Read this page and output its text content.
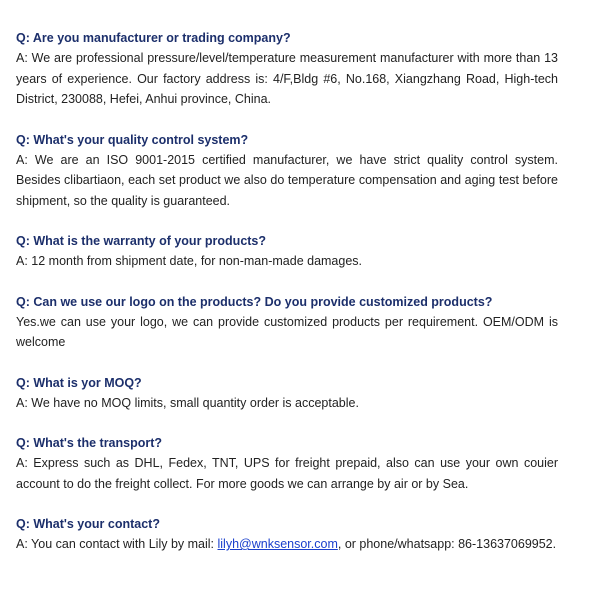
Q: Are you manufacturer or trading company?

A: We are professional pressure/level/temperature measurement manufacturer with more than 13 years of experience. Our factory address is: 4/F,Bldg #6, No.168, Xiangzhang Road, High-tech District, 230088, Hefei, Anhui province, China.

Q: What's your quality control system?

A: We are an ISO 9001-2015 certified manufacturer, we have strict quality control system. Besides clibartiaon, each set product we also do temperature compensation and aging test before shipment, so the quality is guaranteed.

Q: What is the warranty of your products?

A: 12 month from shipment date, for non-man-made damages.

Q: Can we use our logo on the products? Do you provide customized products?

Yes.we can use your logo, we can provide customized products per requirement. OEM/ODM is welcome

Q: What is yor MOQ?

A: We have no MOQ limits, small quantity order is acceptable.

Q: What's the transport?

A: Express such as DHL, Fedex, TNT, UPS for freight prepaid, also can use your own couier account to do the freight collect. For more goods we can arrange by air or by Sea.

Q: What's your contact?

A: You can contact with Lily by mail: lilyh@wnksensor.com, or phone/whatsapp: 86-13637069952.
